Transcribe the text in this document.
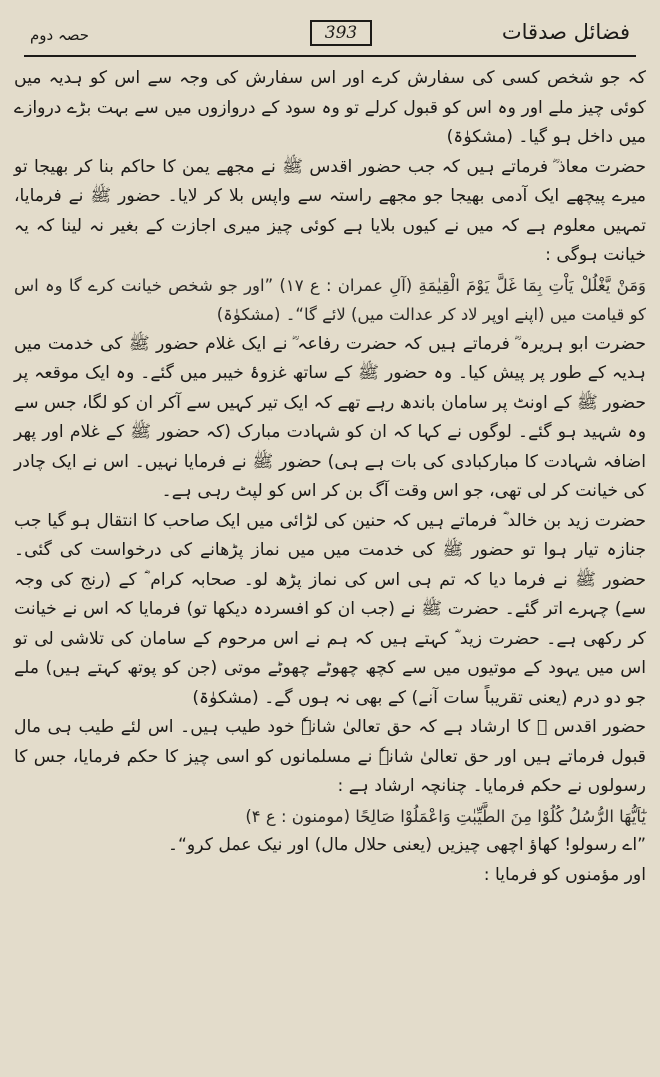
حصہ دوم	393	فضائل صدقات

کہ جو شخص کسی کی سفارش کرے اور اس سفارش کی وجہ سے اس کو ہدیہ میں کوئی چیز ملے اور وہ اس کو قبول کرلے تو وہ سود کے دروازوں میں سے بہت بڑے دروازے میں داخل ہو گیا۔ (مشکوٰۃ)

حضرت معاذ ؓ فرماتے ہیں کہ جب حضور اقدس ﷺ نے مجھے یمن کا حاکم بنا کر بھیجا تو میرے پیچھے ایک آدمی بھیجا جو مجھے راستہ سے واپس بلا کر لایا۔ حضور ﷺ نے فرمایا، تمہیں معلوم ہے کہ میں نے کیوں بلایا ہے کوئی چیز میری اجازت کے بغیر نہ لینا کہ یہ خیانت ہوگی :

وَمَنْ يَّغْلُلْ يَاْتِ بِمَا غَلَّ يَوْمَ الْقِيٰمَةِ (آلِ عمران : ع ۱۷) ”اور جو شخص خیانت کرے گا وہ اس کو قیامت میں (اپنے اوپر لاد کر عدالت میں) لائے گا“۔ (مشکوٰۃ)

حضرت ابو ہریرہ ؓ فرماتے ہیں کہ حضرت رفاعہ ؓ نے ایک غلام حضور ﷺ کی خدمت میں ہدیہ کے طور پر پیش کیا۔ وہ حضور ﷺ کے ساتھ غزوۂ خیبر میں گئے۔ وہ ایک موقعہ پر حضور ﷺ کے اونٹ پر سامان باندھ رہے تھے کہ ایک تیر کہیں سے آکر ان کو لگا، جس سے وہ شہید ہو گئے۔ لوگوں نے کہا کہ ان کو شہادت مبارک (کہ حضور ﷺ کے غلام اور پھر اضافہ شہادت کا مبارکبادی کی بات ہے ہی) حضور ﷺ نے فرمایا نہیں۔ اس نے ایک چادر کی خیانت کر لی تھی، جو اس وقت آگ بن کر اس کو لپٹ رہی ہے۔

حضرت زید بن خالد ؓ فرماتے ہیں کہ حنین کی لڑائی میں ایک صاحب کا انتقال ہو گیا جب جنازہ تیار ہوا تو حضور ﷺ کی خدمت میں میں نماز پڑھانے کی درخواست کی گئی۔ حضور ﷺ نے فرما دیا کہ تم ہی اس کی نماز پڑھ لو۔ صحابہ کرام ؓ کے (رنج کی وجہ سے) چہرے اتر گئے۔ حضرت ﷺ نے (جب ان کو افسردہ دیکھا تو) فرمایا کہ اس نے خیانت کر رکھی ہے۔ حضرت زید ؓ کہتے ہیں کہ ہم نے اس مرحوم کے سامان کی تلاشی لی تو اس میں یہود کے موتیوں میں سے کچھ چھوٹے چھوٹے موتی (جن کو پوتھ کہتے ہیں) ملے جو دو درم (یعنی تقریباً سات آنے) کے بھی نہ ہوں گے۔ (مشکوٰۃ)

حضور اقدس ﷺ کا ارشاد ہے کہ حق تعالیٰ شانہٗ خود طیب ہیں۔ اس لئے طیب ہی مال قبول فرماتے ہیں اور حق تعالیٰ شانہٗ نے مسلمانوں کو اسی چیز کا حکم فرمایا، جس کا رسولوں نے حکم فرمایا۔ چنانچہ ارشاد ہے :

يٰٓاَيُّهَا الرُّسُلُ كُلُوْا مِنَ الطَّيِّبٰتِ وَاعْمَلُوْا صَالِحًا (مومنون : ع ۴)

”اے رسولو! کھاؤ اچھی چیزیں (یعنی حلال مال) اور نیک عمل کرو“۔

اور مؤمنوں کو فرمایا :
